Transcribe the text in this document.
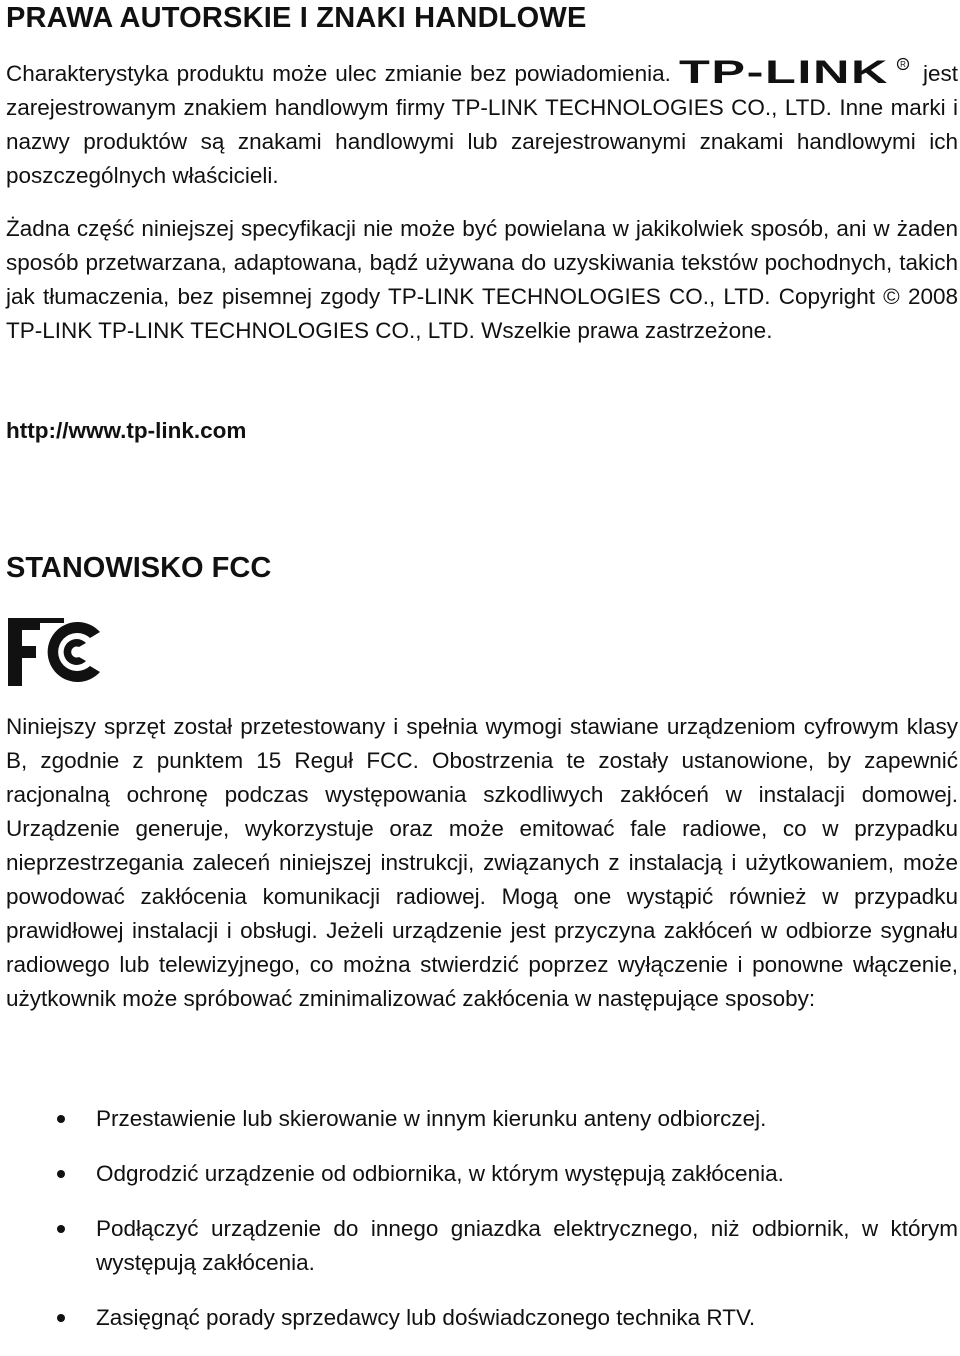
PRAWA AUTORSKIE I ZNAKI HANDLOWE

Charakterystyka produktu może ulec zmianie bez powiadomienia. TP-LINK R jest zarejestrowanym znakiem handlowym firmy TP-LINK TECHNOLOGIES CO., LTD. Inne marki i nazwy produktów są znakami handlowymi lub zarejestrowanymi znakami handlowymi ich poszczególnych właścicieli.

Żadna część niniejszej specyfikacji nie może być powielana w jakikolwiek sposób, ani w żaden sposób przetwarzana, adaptowana, bądź używana do uzyskiwania tekstów pochodnych, takich jak tłumaczenia, bez pisemnej zgody TP-LINK TECHNOLOGIES CO., LTD. Copyright © 2008 TP-LINK TP-LINK TECHNOLOGIES CO., LTD. Wszelkie prawa zastrzeżone.

http://www.tp-link.com

STANOWISKO FCC

Niniejszy sprzęt został przetestowany i spełnia wymogi stawiane urządzeniom cyfrowym klasy B, zgodnie z punktem 15 Reguł FCC. Obostrzenia te zostały ustanowione, by zapewnić racjonalną ochronę podczas występowania szkodliwych zakłóceń w instalacji domowej. Urządzenie generuje, wykorzystuje oraz może emitować fale radiowe, co w przypadku nieprzestrzegania zaleceń niniejszej instrukcji, związanych z instalacją i użytkowaniem, może powodować zakłócenia komunikacji radiowej. Mogą one wystąpić również w przypadku prawidłowej instalacji i obsługi. Jeżeli urządzenie jest przyczyna zakłóceń w odbiorze sygnału radiowego lub telewizyjnego, co można stwierdzić poprzez wyłączenie i ponowne włączenie, użytkownik może spróbować zminimalizować zakłócenia w następujące sposoby:

Przestawienie lub skierowanie w innym kierunku anteny odbiorczej.
Odgrodzić urządzenie od odbiornika, w którym występują zakłócenia.
Podłączyć urządzenie do innego gniazdka elektrycznego, niż odbiornik, w którym występują zakłócenia.
Zasięgnąć porady sprzedawcy lub doświadczonego technika RTV.
